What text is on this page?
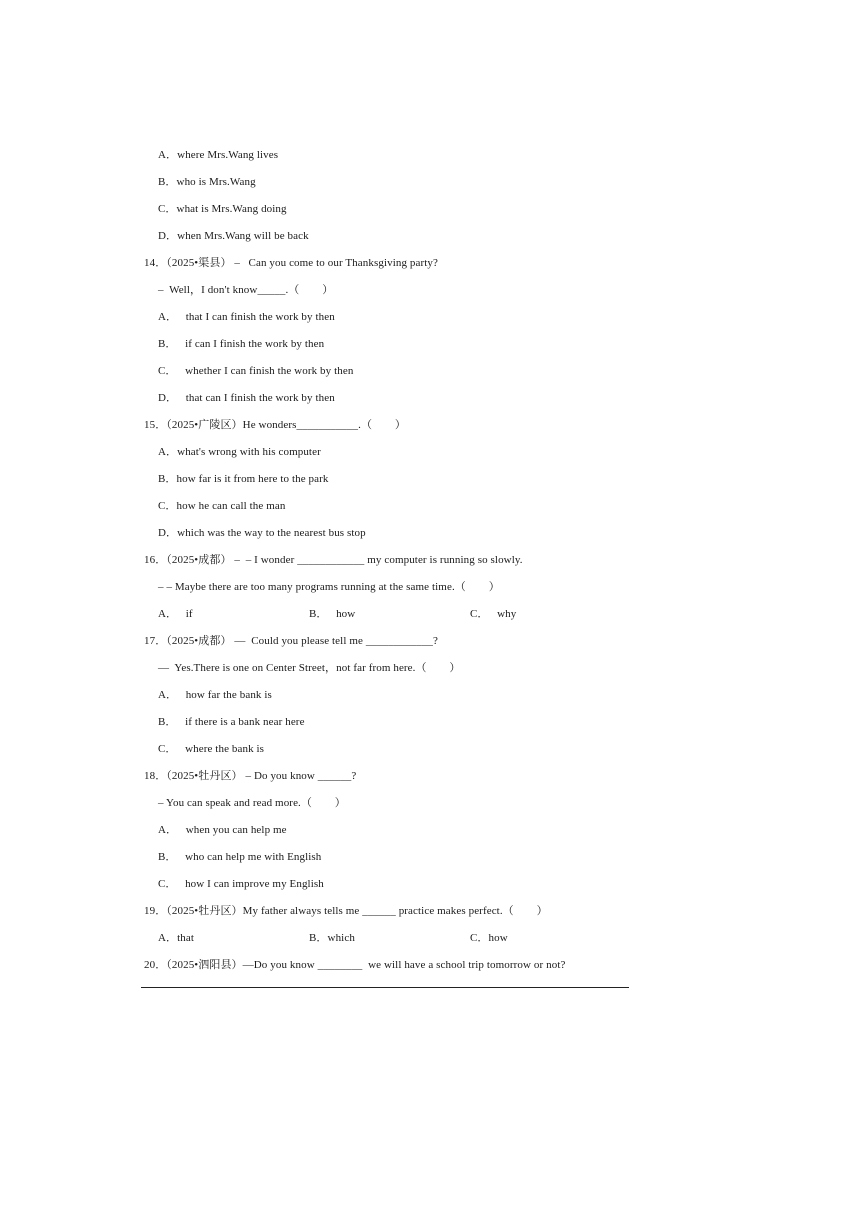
A．where Mrs.Wang lives
B．who is Mrs.Wang
C．what is Mrs.Wang doing
D．when Mrs.Wang will be back
14．（2025•渠县） –   Can you come to our Thanksgiving party?
–  Well，I don't know_____.（        ）
A．   that I can finish the work by then
B．   if can I finish the work by then
C．   whether I can finish the work by then
D．   that can I finish the work by then
15．（2025•广陵区）He wonders___________.（        ）
A．what's wrong with his computer
B．how far is it from here to the park
C．how he can call the man
D．which was the way to the nearest bus stop
16．（2025•成都） –  – I wonder ____________ my computer is running so slowly.
– – Maybe there are too many programs running at the same time.（        ）
A．   if	B．   how	C．   why
17．（2025•成都） —  Could you please tell me ____________?
—  Yes.There is one on Center Street，not far from here.（        ）
A．   how far the bank is
B．   if there is a bank near here
C．   where the bank is
18．（2025•牡丹区） – Do you know ______?
– You can speak and read more.（        ）
A．   when you can help me
B．   who can help me with English
C．   how I can improve my English
19．（2025•牡丹区）My father always tells me ______ practice makes perfect.（        ）
A．that	B．which	C．how
20．（2025•泗阳县）—Do you know ________  we will have a school trip tomorrow or not?
